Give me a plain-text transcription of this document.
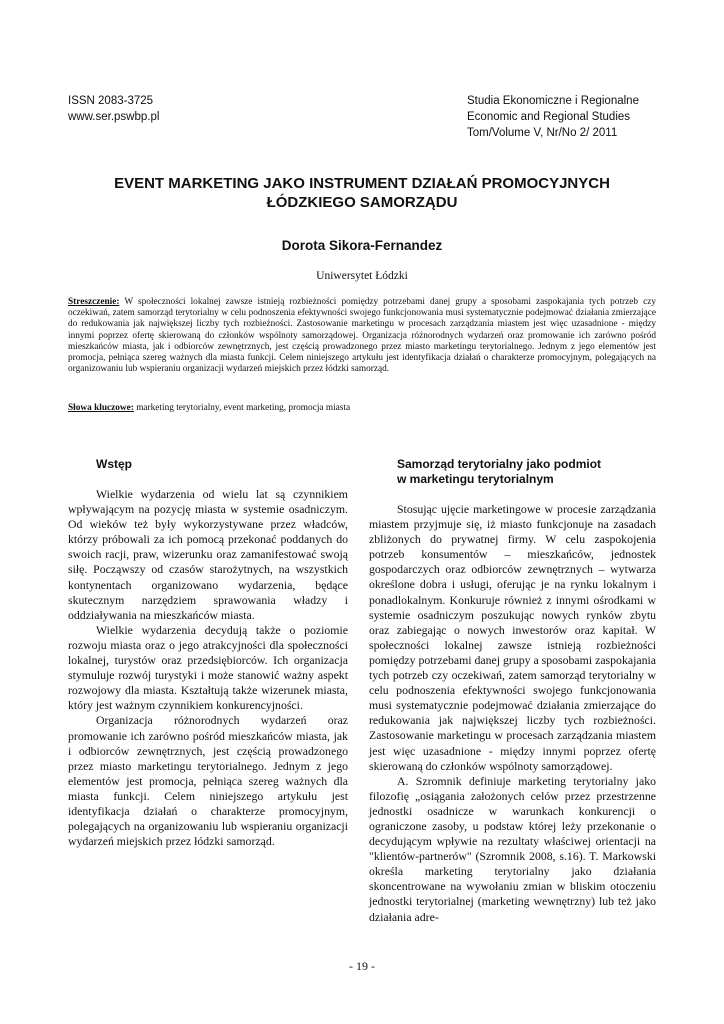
ISSN 2083-3725
www.ser.pswbp.pl
Studia Ekonomiczne i Regionalne
Economic and Regional Studies
Tom/Volume V, Nr/No 2/ 2011
EVENT MARKETING JAKO INSTRUMENT DZIAŁAŃ PROMOCYJNYCH
ŁÓDZKIEGO SAMORZĄDU
Dorota Sikora-Fernandez
Uniwersytet Łódzki
Streszczenie: W społeczności lokalnej zawsze istnieją rozbieżności pomiędzy potrzebami danej grupy a sposobami zaspokajania tych potrzeb czy oczekiwań, zatem samorząd terytorialny w celu podnoszenia efektywności swojego funkcjonowania musi systematycznie podejmować działania zmierzające do redukowania jak największej liczby tych rozbieżności. Zastosowanie marketingu w procesach zarządzania miastem jest więc uzasadnione - między innymi poprzez ofertę skierowaną do członków wspólnoty samorządowej. Organizacja różnorodnych wydarzeń oraz promowanie ich zarówno pośród mieszkańców miasta, jak i odbiorców zewnętrznych, jest częścią prowadzonego przez miasto marketingu terytorialnego. Jednym z jego elementów jest promocja, pełniąca szereg ważnych dla miasta funkcji. Celem niniejszego artykułu jest identyfikacja działań o charakterze promocyjnym, polegających na organizowaniu lub wspieraniu organizacji wydarzeń miejskich przez łódzki samorząd.
Słowa kluczowe: marketing terytorialny, event marketing, promocja miasta
Wstęp

Wielkie wydarzenia od wielu lat są czynnikiem wpływającym na pozycję miasta w systemie osadniczym. Od wieków też były wykorzystywane przez władców, którzy próbowali za ich pomocą przekonać poddanych do swoich racji, praw, wizerunku oraz zamanifestować swoją siłę. Począwszy od czasów starożytnych, na wszystkich kontynentach organizowano wydarzenia, będące skutecznym narzędziem sprawowania władzy i oddziaływania na mieszkańców miasta.

Wielkie wydarzenia decydują także o poziomie rozwoju miasta oraz o jego atrakcyjności dla społeczności lokalnej, turystów oraz przedsiębiorców. Ich organizacja stymuluje rozwój turystyki i może stanowić ważny aspekt rozwojowy dla miasta. Kształtują także wizerunek miasta, który jest ważnym czynnikiem konkurencyjności.

Organizacja różnorodnych wydarzeń oraz promowanie ich zarówno pośród mieszkańców miasta, jak i odbiorców zewnętrznych, jest częścią prowadzonego przez miasto marketingu terytorialnego. Jednym z jego elementów jest promocja, pełniąca szereg ważnych dla miasta funkcji. Celem niniejszego artykułu jest identyfikacja działań o charakterze promocyjnym, polegających na organizowaniu lub wspieraniu organizacji wydarzeń miejskich przez łódzki samorząd.

Samorząd terytorialny jako podmiot
w marketingu terytorialnym

Stosując ujęcie marketingowe w procesie zarządzania miastem przyjmuje się, iż miasto funkcjonuje na zasadach zbliżonych do prywatnej firmy. W celu zaspokojenia potrzeb konsumentów – mieszkańców, jednostek gospodarczych oraz odbiorców zewnętrznych – wytwarza określone dobra i usługi, oferując je na rynku lokalnym i ponadlokalnym. Konkuruje również z innymi ośrodkami w systemie osadniczym poszukując nowych rynków zbytu oraz zabiegając o nowych inwestorów oraz kapitał. W społeczności lokalnej zawsze istnieją rozbieżności pomiędzy potrzebami danej grupy a sposobami zaspokajania tych potrzeb czy oczekiwań, zatem samorząd terytorialny w celu podnoszenia efektywności swojego funkcjonowania musi systematycznie podejmować działania zmierzające do redukowania jak największej liczby tych rozbieżności. Zastosowanie marketingu w procesach zarządzania miastem jest więc uzasadnione - między innymi poprzez ofertę skierowaną do członków wspólnoty samorządowej.

A. Szromnik definiuje marketing terytorialny jako filozofię „osiągania założonych celów przez przestrzenne jednostki osadnicze w warunkach konkurencji o ograniczone zasoby, u podstaw której leży przekonanie o decydującym wpływie na rezultaty właściwej orientacji na "klientów-partnerów" (Szromnik 2008, s.16). T. Markowski określa marketing terytorialny jako działania skoncentrowane na wywołaniu zmian w bliskim otoczeniu jednostki terytorialnej (marketing wewnętrzny) lub też jako działania adre-

- 19 -
